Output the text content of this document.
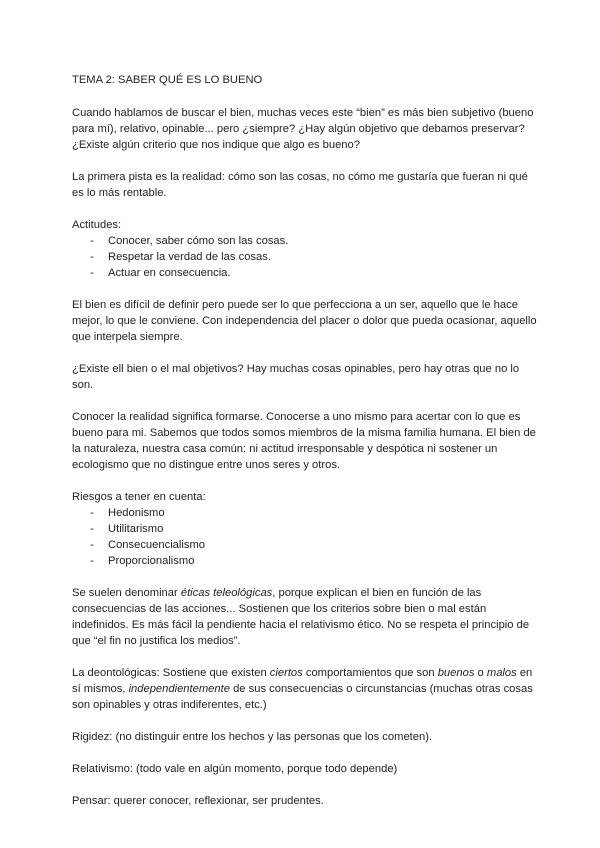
TEMA 2: SABER QUÉ ES LO BUENO

Cuando hablamos de buscar el bien, muchas veces este “bien” es más bien subjetivo (bueno para mí), relativo, opinable... pero ¿siempre? ¿Hay algún objetivo que debamos preservar? ¿Existe algún criterio que nos indique que algo es bueno?

La primera pista es la realidad: cómo son las cosas, no cómo me gustaría que fueran ni qué es lo más rentable.

Actitudes:
- Conocer, saber cómo son las cosas.
- Respetar la verdad de las cosas.
- Actuar en consecuencia.

El bien es difícil de definir pero puede ser lo que perfecciona a un ser, aquello que le hace mejor, lo que le conviene. Con independencia del placer o dolor que pueda ocasionar, aquello que interpela siempre.

¿Existe ell bien o el mal objetivos? Hay muchas cosas opinables, pero hay otras que no lo son.

Conocer la realidad significa formarse. Conocerse a uno mismo para acertar con lo que es bueno para mi. Sabemos que todos somos miembros de la misma familia humana. El bien de la naturaleza, nuestra casa común: ni actitud irresponsable y despótica ni sostener un ecologismo que no distingue entre unos seres y otros.

Riesgos a tener en cuenta:
- Hedonismo
- Utilitarismo
- Consecuencialismo
- Proporcionalismo

Se suelen denominar éticas teleológicas, porque explican el bien en función de las consecuencias de las acciones... Sostienen que los criterios sobre bien o mal están indefinidos. Es más fácil la pendiente hacia el relativismo ético. No se respeta el principio de que “el fin no justifica los medios”.

La deontológicas: Sostiene que existen ciertos comportamientos que son buenos o malos en sí mismos, independientemente de sus consecuencias o circunstancias (muchas otras cosas son opinables y otras indiferentes, etc.)

Rigidez: (no distinguir entre los hechos y las personas que los cometen).

Relativismo: (todo vale en algún momento, porque todo depende)

Pensar: querer conocer, reflexionar, ser prudentes.
